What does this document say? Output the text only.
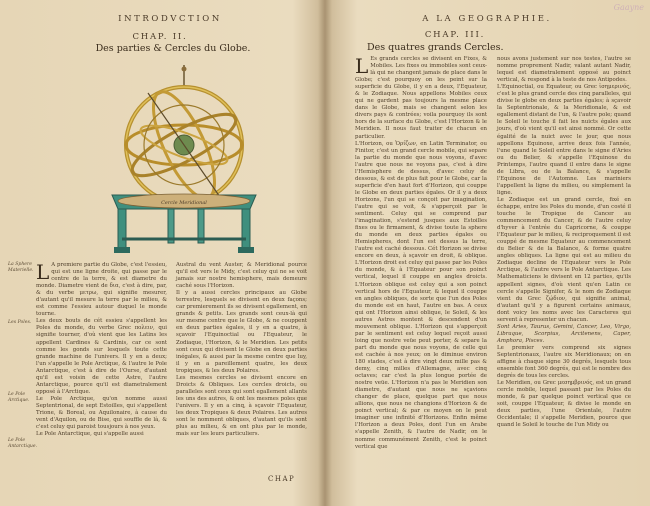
INTRODVCTION
CHAP. II.
Des parties & Cercles du Globe.
Cercle Meridional
La Sphere Materielle.
Les Poles.
Le Pole Arctique.
Le Pole Antarctique.

L A premiere partie du Globe, c'est l'essieu, qui est une ligne droite, qui passe par le centre de la terre, & est diametre du monde. Diametre vient de δια, c'est à dire, par, & du verbe μετρω, qui signifie mesurer, d'autant qu'il mesure la terre par le milieu, & est comme l'essieu autour duquel le monde tourne.

Les deux bouts de cét essieu s'appellent les Poles du monde, du verbe Grec πολειν, qui signifie tourner, d'où vient que les Latins les appellent Cardines & Cardinis, car ce sont comme les gonds sur lesquels toute cette grande machine de l'univers. Il y en a deux; l'un s'appelle le Pole Arctique, & l'autre le Pole Antarctique, c'est à dire de l'Ourse, d'autant qu'il est voisin de cette Astre, l'autre Antarctique, pource qu'il est diametralement opposé à l'Arctique.

Le Pole Arctique, qu'on nomme aussi Septentrional, de sept Estoilles, qui s'appellent Trione, & Boreal, ou Aquilonaire, à cause du vent d'Aquilon, ou de Bise, qui souffle de là, & c'est celuy qui paroist tousjours à nos yeux.

Le Pole Antarctique, qui s'appelle aussi

Austral du vent Auster, & Meridional pource qu'il est vers le Midy, c'est celuy qui ne se voit jamais sur nostre hemisphere, mais demeure caché sous l'Horizon.

Il y a aussi cercles principaux au Globe terrestre, lesquels se divisent en deux façons; car premierement ils se divisent egallement, en grands & petits. Les grands sont ceux-là qui sur mesme centre que le Globe, & ne couppent en deux parties égales, il y en a quatre, à sçavoir l'Equinoctial ou l'Equateur, le Zodiaque, l'Horizon, & le Meridien. Les petits sont ceux qui divisent le Globe en deux parties inégales, & aussi par la mesme centre que luy, il y en a pareillement quatre, les deux tropiques, & les deux Polaires.

Les mesmes cercles se divisent encore en Droicts & Obliques. Les cercles droicts, ou paralleles sont ceux qui sont egallement allants les uns des autres, & ont les mesmes poles que l'univers. Il y en a cinq, à sçavoir l'Equateur, les deux Tropiques & deux Polaires. Les autres sont le nomment obliques, d'autant qu'ils sont plus au milieu, & en ont plus par le monde, mais sur les leurs particuliers.

CHAP
Gaayne
A LA GEOGRAPHIE.
CHAP. III.
Des quatres grands Cercles.

L Es grands cercles se divisent en Fixes, & Mobiles. Les fixes ou immobiles sont ceux-là qui ne changent jamais de place dans le Globe; c'est pourquoy on les peint sur la superficie du Globe, il y en a deux, l'Equateur, & le Zodiaque. Nous appellons Mobiles ceux qui ne gardent pas toujours la mesme place dans le Globe, mais se changent selon les divers pays & contrées; voila pourquoy ils sont hors de la surface du Globe, c'est l'Horizon & le Meridien. Il nous faut traiter de chacun en particulier.

L'Horizon, ou Ὁρίζων, en Latin Terminator, ou Finitor, c'est un grand cercle mobile, qui separe la partie du monde que nous voyons, d'avec l'autre que nous ne voyons pas, c'est à dire l'Hemisphere de dessus, d'avec celuy de dessous, & est de plus fait pour le Globe, car la superficie d'en haut fort d'Horizon, qui couppe le Globe en deux parties égales. Or il y a deux Horizons, l'un qui se conçoit par imagination, l'autre qui se voit, & s'apperçoit par le sentiment. Celuy qui se comprend par l'imagination, s'estend jusques aux Estoilles fixes ou le firmament, & divise toute la sphere du monde en deux parties égales ou Hemispheres, dont l'un est dessus la terre, l'autre est caché dessous. Cét Horizon se divise encore en deux, à sçavoir en droit, & oblique. L'Horizon droit est celuy qui passe par les Poles du monde, & à l'Equateur pour son poinct vertical, lequel il couppe en angles droicts. L'Horizon oblique est celuy qui a son poinct vertical hors de l'Equateur, & lequel il couppe en angles obliques, de sorte que l'un des Poles du monde est en haut, l'autre en bas. A ceux qui ont l'Horizon ainsi oblique, le Soleil, & les autres Astres montent & descendent d'un mouvement oblique. L'Horizon qui s'apperçoit par le sentiment est celuy lequel reçoit aussi loing que nostre veüe peut porter, & separe la part du monde que nous voyons, de celle qui est cachée à nos yeux; on le diminue environ 180 stades, c'est à dire vingt deux mille pas & demy, cinq milles d'Allemagne, avec cinq octaves; car c'est la plus longue portée de nostre veüe. L'Horizon n'a pas le Meridien son diametre, d'autant que nous ne sçavions changer de place, quelque part que nous allions, que nous ne changions d'Horizon & de poinct vertical; & par ce moyen on le peut imaginer une infinité d'Horizons. Enfin même l'Horizon a deux Poles, dont l'un en Arabe s'appelle Zenith, & l'autre de Nadir, on le nomme communément Zenith, c'est le poinct vertical que

nous avons justement sur nos testes, l'autre se nomme proprement Nadir, valant autant Nadir, lequel est diametralement opposé au poinct vertical, & respond à la teste de nos Antipodes.

L'Equinoctial, ou Equateur, ou Grec ἰσημερινός, c'est le plus grand cercle des cinq paralleles, qui divise le globe en deux parties égales; à sçavoir la Septentrionale, & la Meridionale, & est egallement distant de l'un, & l'autre pole; quand le Soleil le touche il fait les nuicts égales aux jours, d'où vient qu'il est ainsi nommé. Or cette égalité de la nuict avec le jour, que nous appellons Equinoxe, arrive deux fois l'année, l'une quand le Soleil entre dans le signe d'Aries ou du Belier, & s'appelle l'Equinoxe du Printemps, l'autre quand il entre dans le signe de Libra, ou de la Balance, & s'appelle l'Equinoxe de l'Automne. Les mariniers l'appellent la ligne du milieu, ou simplement la ligne.

Le Zodiaque est un grand cercle, fixé en échappe, entre les Poles du monde, d'un costé il touche le Tropique de Cancer au commencement du Cancer, & de l'autre celuy d'hyver à l'entrée du Capricorne, & couppe l'Equateur par le milieu, & reciproquement il est couppé de mesme Equateur au commencement du Belier & de la Balance, & forme quatre angles obliques. La ligne qui est au milieu du Zodiaque decline de l'Equateur vers le Pole Arctique, & l'autre vers le Pole Antarctique. Les Mathematiciens le divisent en 12 parties, qu'ils appellent signes, d'où vient qu'en Latin ce cercle s'appelle Signifer, & le nom de Zodiaque vient du Grec ζῴδιον, qui signifie animal, d'autant qu'il y a figurent certains animaux, dont voicy les noms avec les Caracteres qui servent à representer un chacun.

Sont Aries, Taurus, Gemini, Cancer, Leo, Virgo, Libraque, Scorpius, Arcitenens, Caper, Amphora, Pisces.

Le premier vers comprend six signes Septentrionaux, l'autre six Meridionaux; on en affigne à chaque signe 30 degrés, lesquels tous ensemble font 360 degrés, qui est le nombre des degrés de tous les cercles.

Le Meridien, ou Grec μεσημβρινός, est un grand cercle mobile, lequel passant par les Poles du monde, & par quelque poinct vertical que ce soit, couppe l'Equateur, & divise le monde en deux parties, l'une Orientale, l'autre Occidentale; il s'appelle Meridien, pource que quand le Soleil le touche de l'un Midy ou
